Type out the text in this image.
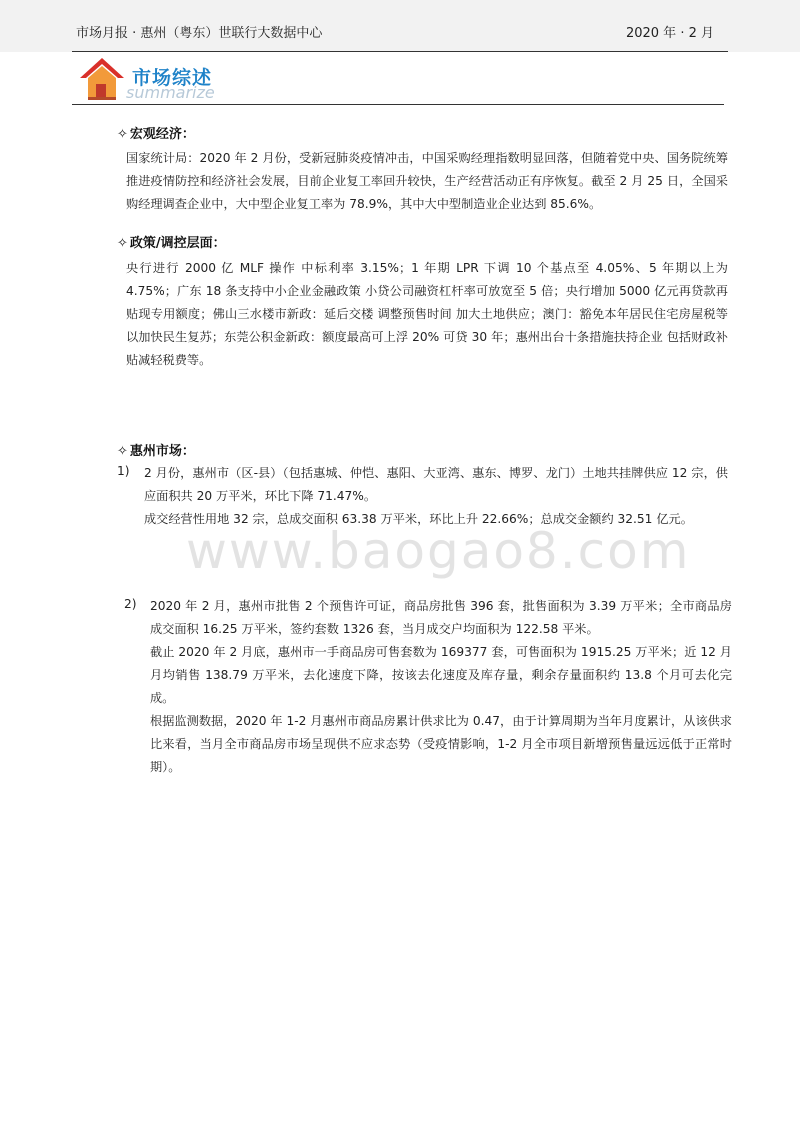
市场月报 · 惠州（粤东）世联行大数据中心	2020 年 · 2 月
summarize
市场综述
✧ 宏观经济：

国家统计局：2020 年 2 月份，受新冠肺炎疫情冲击，中国采购经理指数明显回落，但随着党中央、国务院统筹推进疫情防控和经济社会发展，目前企业复工率回升较快，生产经营活动正有序恢复。截至 2 月 25 日，全国采购经理调查企业中，大中型企业复工率为 78.9%，其中大中型制造业企业达到 85.6%。

✧ 政策/调控层面：

央行进行 2000 亿 MLF 操作 中标利率 3.15%；1 年期 LPR 下调 10 个基点至 4.05%、5 年期以上为 4.75%；广东 18 条支持中小企业金融政策 小贷公司融资杠杆率可放宽至 5 倍；央行增加 5000 亿元再贷款再贴现专用额度；佛山三水楼市新政：延后交楼 调整预售时间 加大土地供应；澳门：豁免本年居民住宅房屋税等以加快民生复苏；东莞公积金新政：额度最高可上浮 20% 可贷 30 年；惠州出台十条措施扶持企业 包括财政补贴减轻税费等。

✧ 惠州市场：
1) 2 月份，惠州市（区-县）（包括惠城、仲恺、惠阳、大亚湾、惠东、博罗、龙门）土地共挂牌供应 12 宗，供应面积共 20 万平米，环比下降 71.47%。

成交经营性用地 32 宗，总成交面积 63.38 万平米，环比上升 22.66%；总成交金额约 32.51 亿元。

www.baogao8.com
2) 2020 年 2 月，惠州市批售 2 个预售许可证，商品房批售 396 套，批售面积为 3.39 万平米；全市商品房成交面积 16.25 万平米，签约套数 1326 套，当月成交户均面积为 122.58 平米。

截止 2020 年 2 月底，惠州市一手商品房可售套数为 169377 套，可售面积为 1915.25 万平米；近 12 月月均销售 138.79 万平米，去化速度下降，按该去化速度及库存量，剩余存量面积约 13.8 个月可去化完成。

根据监测数据，2020 年 1-2 月惠州市商品房累计供求比为 0.47，由于计算周期为当年月度累计，从该供求比来看，当月全市商品房市场呈现供不应求态势（受疫情影响，1-2 月全市项目新增预售量远远低于正常时期）。
